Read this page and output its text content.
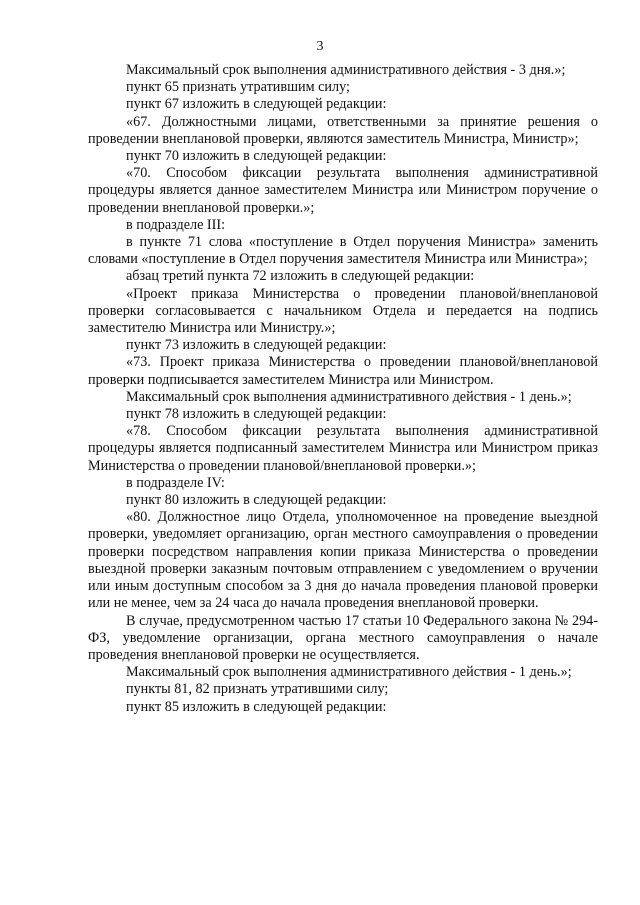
3

Максимальный срок выполнения административного действия - 3 дня.»;

пункт 65 признать утратившим силу;

пункт 67 изложить в следующей редакции:

«67. Должностными лицами, ответственными за принятие решения о проведении внеплановой проверки, являются заместитель Министра, Министр»;

пункт 70 изложить в следующей редакции:

«70. Способом фиксации результата выполнения административной процедуры является данное заместителем Министра или Министром поручение о проведении внеплановой проверки.»;

в подразделе III:

в пункте 71 слова «поступление в Отдел поручения Министра» заменить словами «поступление в Отдел поручения заместителя Министра или Министра»;

абзац третий пункта 72 изложить в следующей редакции:

«Проект приказа Министерства о проведении плановой/внеплановой проверки согласовывается с начальником Отдела и передается на подпись заместителю Министра или Министру.»;

пункт 73 изложить в следующей редакции:

«73. Проект приказа Министерства о проведении плановой/внеплановой проверки подписывается заместителем Министра или Министром.

Максимальный срок выполнения административного действия - 1 день.»;

пункт 78 изложить в следующей редакции:

«78. Способом фиксации результата выполнения административной процедуры является подписанный заместителем Министра или Министром приказ Министерства о проведении плановой/внеплановой проверки.»;

в подразделе IV:

пункт 80 изложить в следующей редакции:

«80. Должностное лицо Отдела, уполномоченное на проведение выездной проверки, уведомляет организацию, орган местного самоуправления о проведении проверки посредством направления копии приказа Министерства о проведении выездной проверки заказным почтовым отправлением с уведомлением о вручении или иным доступным способом за 3 дня до начала проведения плановой проверки или не менее, чем за 24 часа до начала проведения внеплановой проверки.

В случае, предусмотренном частью 17 статьи 10 Федерального закона № 294-ФЗ, уведомление организации, органа местного самоуправления о начале проведения внеплановой проверки не осуществляется.

Максимальный срок выполнения административного действия - 1 день.»;

пункты 81, 82 признать утратившими силу;

пункт 85 изложить в следующей редакции:
